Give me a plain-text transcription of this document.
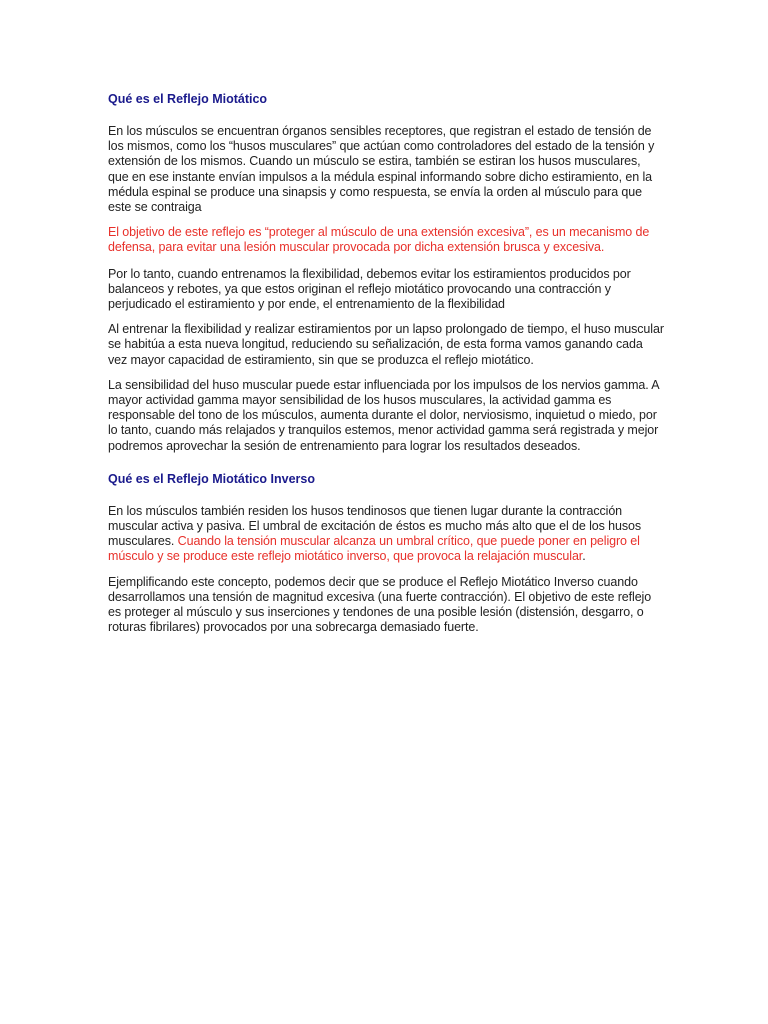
Qué es el Reflejo Miotático

En los músculos se encuentran órganos sensibles receptores, que registran el estado de tensión de los mismos, como los “husos musculares” que actúan como controladores del estado de la tensión y extensión de los mismos. Cuando un músculo se estira, también se estiran los husos musculares, que en ese instante envían impulsos a la médula espinal informando sobre dicho estiramiento, en la médula espinal se produce una sinapsis y como respuesta, se envía la orden al músculo para que este se contraiga

El objetivo de este reflejo es “proteger al músculo de una extensión excesiva”, es un mecanismo de defensa, para evitar una lesión muscular provocada por dicha extensión brusca y excesiva.

Por lo tanto, cuando entrenamos la flexibilidad, debemos evitar los estiramientos producidos por balanceos y rebotes, ya que estos originan el reflejo miotático provocando una contracción y perjudicado el estiramiento y por ende, el entrenamiento de la flexibilidad

Al entrenar la flexibilidad y realizar estiramientos por un lapso prolongado de tiempo, el huso muscular se habitúa a esta nueva longitud, reduciendo su señalización, de esta forma vamos ganando cada vez mayor capacidad de estiramiento, sin que se produzca el reflejo miotático.

La sensibilidad del huso muscular puede estar influenciada por los impulsos de los nervios gamma. A mayor actividad gamma mayor sensibilidad de los husos musculares, la actividad gamma es responsable del tono de los músculos, aumenta durante el dolor, nerviosismo, inquietud o miedo, por lo tanto, cuando más relajados y tranquilos estemos, menor actividad gamma será registrada y mejor podremos aprovechar la sesión de entrenamiento para lograr los resultados deseados.

Qué es el Reflejo Miotático Inverso

En los músculos también residen los husos tendinosos que tienen lugar durante la contracción muscular activa y pasiva. El umbral de excitación de éstos es mucho más alto que el de los husos musculares. Cuando la tensión muscular alcanza un umbral crítico, que puede poner en peligro el músculo y se produce este reflejo miotático inverso, que provoca la relajación muscular.

Ejemplificando este concepto, podemos decir que se produce el Reflejo Miotático Inverso cuando desarrollamos una tensión de magnitud excesiva (una fuerte contracción). El objetivo de este reflejo es proteger al músculo y sus inserciones y tendones de una posible lesión (distensión, desgarro, o roturas fibrilares) provocados por una sobrecarga demasiado fuerte.
